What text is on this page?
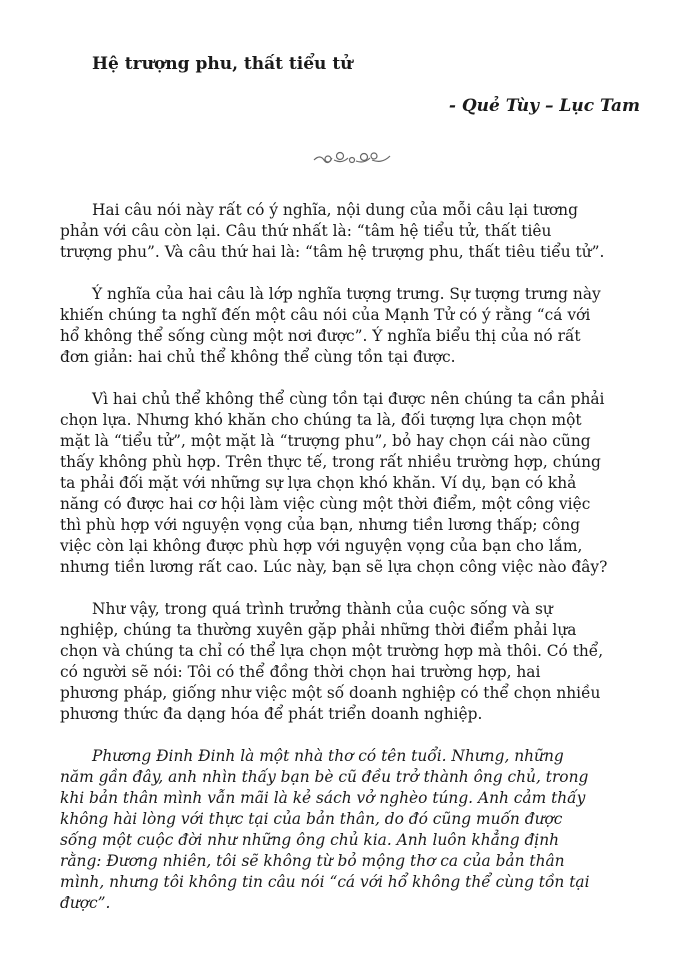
Hệ trượng phu, thất tiểu tử
- Quẻ Tùy – Lục Tam
Hai câu nói này rất có ý nghĩa, nội dung của mỗi câu lại tương
phản với câu còn lại. Câu thứ nhất là: “tâm hệ tiểu tử, thất tiêu
trượng phu”. Và câu thứ hai là: “tâm hệ trượng phu, thất tiêu tiểu tử”.
Ý nghĩa của hai câu là lớp nghĩa tượng trưng. Sự tượng trưng này
khiến chúng ta nghĩ đến một câu nói của Mạnh Tử có ý rằng “cá với
hổ không thể sống cùng một nơi được”. Ý nghĩa biểu thị của nó rất
đơn giản: hai chủ thể không thể cùng tồn tại được.
Vì hai chủ thể không thể cùng tồn tại được nên chúng ta cần phải
chọn lựa. Nhưng khó khăn cho chúng ta là, đối tượng lựa chọn một
mặt là “tiểu tử”, một mặt là “trượng phu”, bỏ hay chọn cái nào cũng
thấy không phù hợp. Trên thực tế, trong rất nhiều trường hợp, chúng
ta phải đối mặt với những sự lựa chọn khó khăn. Ví dụ, bạn có khả
năng có được hai cơ hội làm việc cùng một thời điểm, một công việc
thì phù hợp với nguyện vọng của bạn, nhưng tiền lương thấp; công
việc còn lại không được phù hợp với nguyện vọng của bạn cho lắm,
nhưng tiền lương rất cao. Lúc này, bạn sẽ lựa chọn công việc nào đây?
Như vậy, trong quá trình trưởng thành của cuộc sống và sự
nghiệp, chúng ta thường xuyên gặp phải những thời điểm phải lựa
chọn và chúng ta chỉ có thể lựa chọn một trường hợp mà thôi. Có thể,
có người sẽ nói: Tôi có thể đồng thời chọn hai trường hợp, hai
phương pháp, giống như việc một số doanh nghiệp có thể chọn nhiều
phương thức đa dạng hóa để phát triển doanh nghiệp.
Phương Đinh Đinh là một nhà thơ có tên tuổi. Nhưng, những
năm gần đây, anh nhìn thấy bạn bè cũ đều trở thành ông chủ, trong
khi bản thân mình vẫn mãi là kẻ sách vở nghèo túng. Anh cảm thấy
không hài lòng với thực tại của bản thân, do đó cũng muốn được
sống một cuộc đời như những ông chủ kia. Anh luôn khẳng định
rằng: Đương nhiên, tôi sẽ không từ bỏ mộng thơ ca của bản thân
mình, nhưng tôi không tin câu nói “cá với hổ không thể cùng tồn tại
được”.
